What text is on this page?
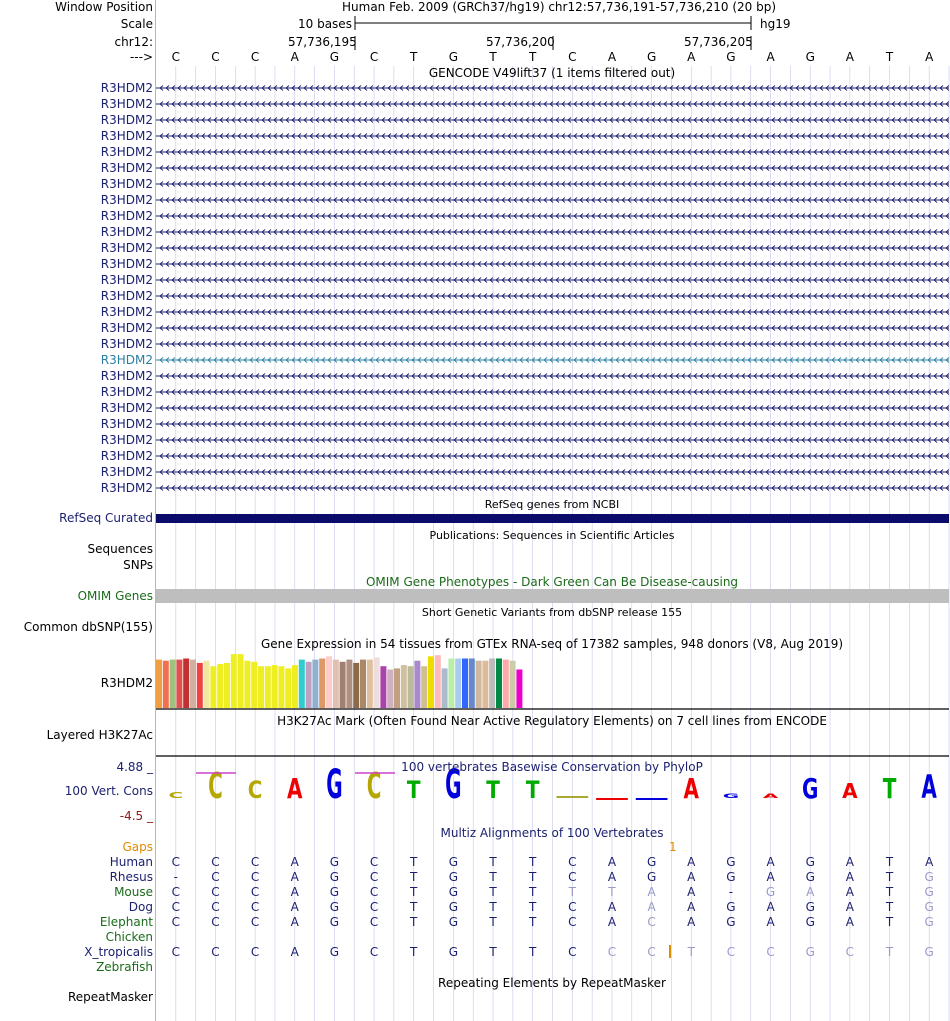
C C C A G C T G T T	A G A G A T A
Window Position	Human Feb. 2009 (GRCh37/hg19) chr12:57,736,191-57,736,210 (20 bp)
Scale	10 bases	hg19
chr12:	57,736,195	57,736,200	57,736,205
--->	C	C	C	A	G	C	T	G	T	T	C	A	G	A	G	A	G	A	T	A
GENCODE V49lift37 (1 items filtered out)
R3HDM2
R3HDM2
R3HDM2
R3HDM2
R3HDM2
R3HDM2
R3HDM2
R3HDM2
R3HDM2
R3HDM2
R3HDM2
R3HDM2
R3HDM2
R3HDM2
R3HDM2
R3HDM2
R3HDM2
R3HDM2
R3HDM2
R3HDM2
R3HDM2
R3HDM2
R3HDM2
R3HDM2
R3HDM2
R3HDM2
RefSeq genes from NCBI
RefSeq Curated
Publications: Sequences in Scientific Articles
Sequences
SNPs
OMIM Gene Phenotypes - Dark Green Can Be Disease-causing
OMIM Genes
Short Genetic Variants from dbSNP release 155
Common dbSNP(155)
Gene Expression in 54 tissues from GTEx RNA-seq of 17382 samples, 948 donors (V8, Aug 2019)
R3HDM2
H3K27Ac Mark (Often Found Near Active Regulatory Elements) on 7 cell lines from ENCODE
Layered H3K27Ac
100 vertebrates Basewise Conservation by PhyloP
4.88 _
100 Vert. Cons
-4.5 _
Multiz Alignments of 100 Vertebrates
Gaps	1
Human	C	C	C	A	G	C	T	G	T	T	C	A	G	A	G	A	G	A	T	A
Rhesus	-	C	C	A	G	C	T	G	T	T	C	A	G	A	G	A	G	A	T	G
Mouse	C	C	C	A	G	C	T	G	T	T	T	T	A	A	-	G	A	A	T	G
Dog	C	C	C	A	G	C	T	G	T	T	C	A	A	A	G	A	G	A	T	G
Elephant	C	C	C	A	G	C	T	G	T	T	C	A	C	A	G	A	G	A	T	G
Chicken
X_tropicalis	C	C	C	A	G	C	T	G	T	T	C	C	C	T	C	C	G	C	T	G
Zebrafish
Repeating Elements by RepeatMasker
RepeatMasker
